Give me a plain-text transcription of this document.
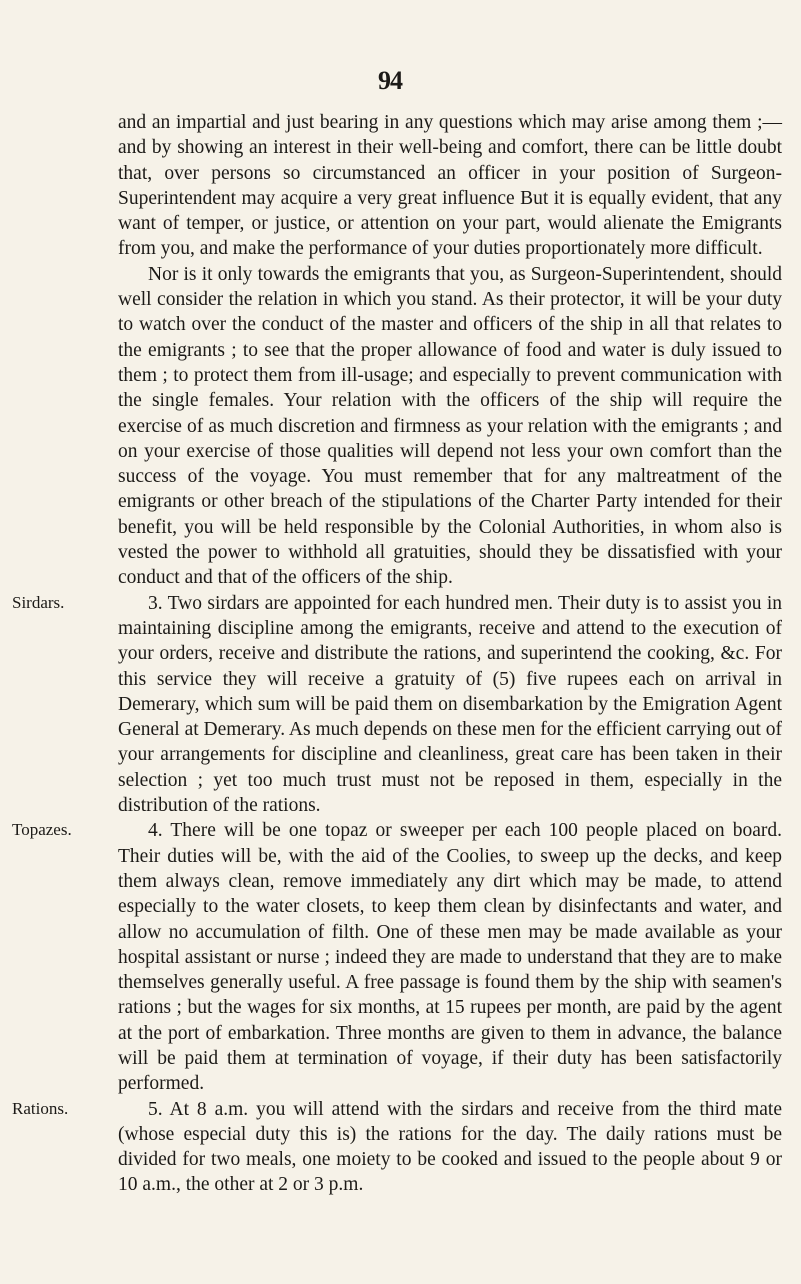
94
Sirdars.
Topazes.
Rations.

and an impartial and just bearing in any questions which may arise among them ;—and by showing an interest in their well-being and comfort, there can be little doubt that, over persons so circumstanced an officer in your position of Surgeon-Superintendent may acquire a very great influence But it is equally evident, that any want of temper, or justice, or attention on your part, would alienate the Emigrants from you, and make the performance of your duties proportionately more difficult.

Nor is it only towards the emigrants that you, as Surgeon-Superintendent, should well consider the relation in which you stand. As their protector, it will be your duty to watch over the conduct of the master and officers of the ship in all that relates to the emigrants ; to see that the proper allowance of food and water is duly issued to them ; to protect them from ill-usage; and especially to prevent communication with the single females. Your relation with the officers of the ship will require the exercise of as much discretion and firmness as your relation with the emigrants ; and on your exercise of those qualities will depend not less your own comfort than the success of the voyage. You must remember that for any maltreatment of the emigrants or other breach of the stipulations of the Charter Party intended for their benefit, you will be held responsible by the Colonial Authorities, in whom also is vested the power to withhold all gratuities, should they be dissatisfied with your conduct and that of the officers of the ship.

3. Two sirdars are appointed for each hundred men. Their duty is to assist you in maintaining discipline among the emigrants, receive and attend to the execution of your orders, receive and distribute the rations, and superintend the cooking, &c. For this service they will receive a gratuity of (5) five rupees each on arrival in Demerary, which sum will be paid them on disembarkation by the Emigration Agent General at Demerary. As much depends on these men for the efficient carrying out of your arrangements for discipline and cleanliness, great care has been taken in their selection ; yet too much trust must not be reposed in them, especially in the distribution of the rations.

4. There will be one topaz or sweeper per each 100 people placed on board. Their duties will be, with the aid of the Coolies, to sweep up the decks, and keep them always clean, remove immediately any dirt which may be made, to attend especially to the water closets, to keep them clean by disinfectants and water, and allow no accumulation of filth. One of these men may be made available as your hospital assistant or nurse ; indeed they are made to understand that they are to make themselves generally useful. A free passage is found them by the ship with seamen's rations ; but the wages for six months, at 15 rupees per month, are paid by the agent at the port of embarkation. Three months are given to them in advance, the balance will be paid them at termination of voyage, if their duty has been satisfactorily performed.

5. At 8 a.m. you will attend with the sirdars and receive from the third mate (whose especial duty this is) the rations for the day. The daily rations must be divided for two meals, one moiety to be cooked and issued to the people about 9 or 10 a.m., the other at 2 or 3 p.m.
